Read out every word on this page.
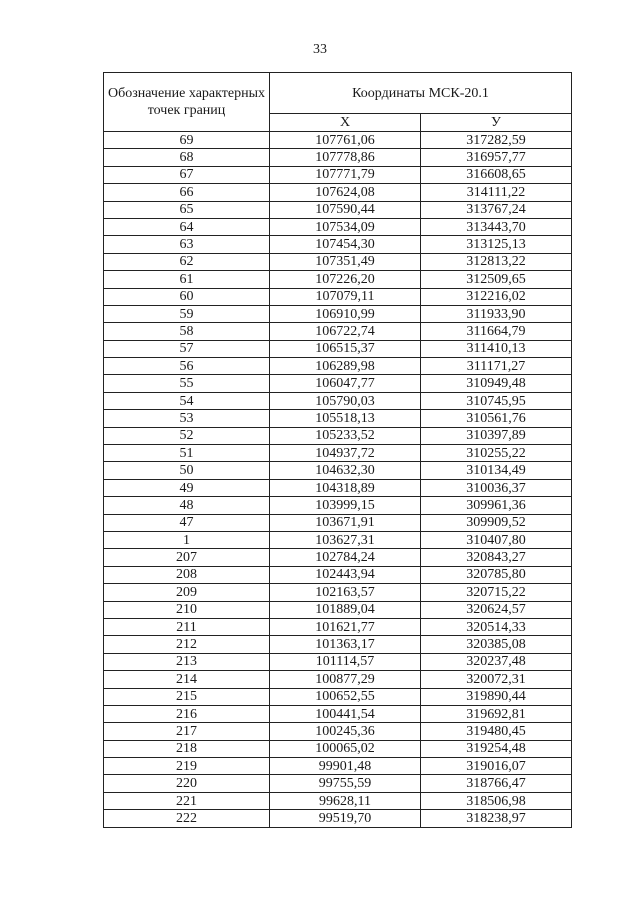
33
Обозначение характерных точек границ	Координаты МСК-20.1	
	X	У
69	107761,06	317282,59
68	107778,86	316957,77
67	107771,79	316608,65
66	107624,08	314111,22
65	107590,44	313767,24
64	107534,09	313443,70
63	107454,30	313125,13
62	107351,49	312813,22
61	107226,20	312509,65
60	107079,11	312216,02
59	106910,99	311933,90
58	106722,74	311664,79
57	106515,37	311410,13
56	106289,98	311171,27
55	106047,77	310949,48
54	105790,03	310745,95
53	105518,13	310561,76
52	105233,52	310397,89
51	104937,72	310255,22
50	104632,30	310134,49
49	104318,89	310036,37
48	103999,15	309961,36
47	103671,91	309909,52
1	103627,31	310407,80
207	102784,24	320843,27
208	102443,94	320785,80
209	102163,57	320715,22
210	101889,04	320624,57
211	101621,77	320514,33
212	101363,17	320385,08
213	101114,57	320237,48
214	100877,29	320072,31
215	100652,55	319890,44
216	100441,54	319692,81
217	100245,36	319480,45
218	100065,02	319254,48
219	99901,48	319016,07
220	99755,59	318766,47
221	99628,11	318506,98
222	99519,70	318238,97
